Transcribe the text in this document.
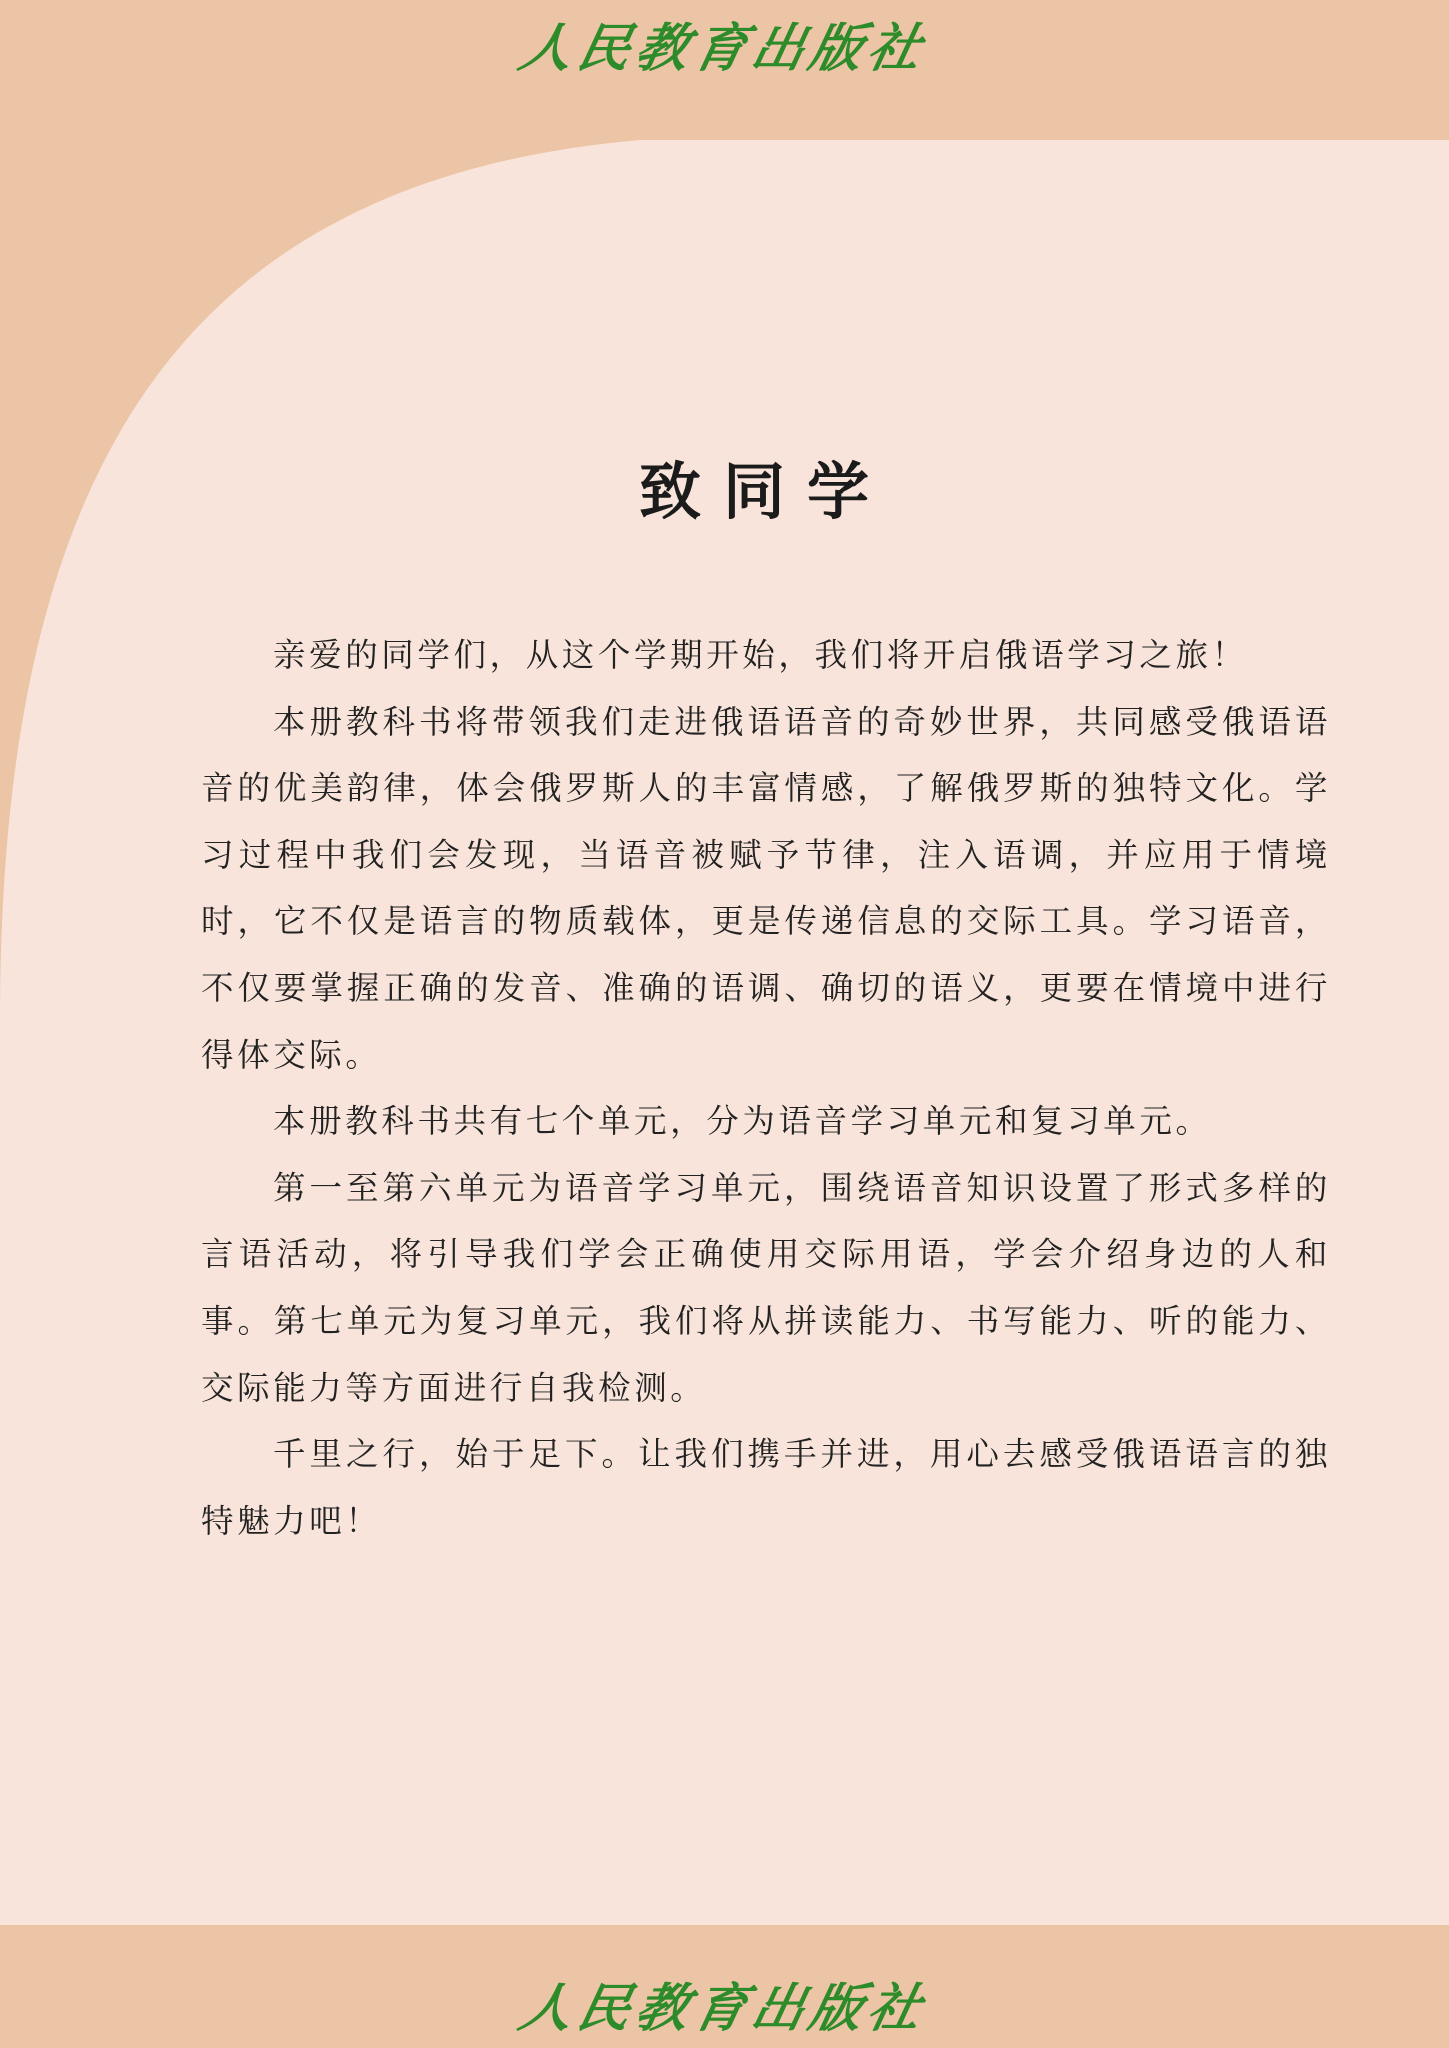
人民教育出版社
致同学

亲爱的同学们，从这个学期开始，我们将开启俄语学习之旅！

本册教科书将带领我们走进俄语语音的奇妙世界，共同感受俄语语音的优美韵律，体会俄罗斯人的丰富情感，了解俄罗斯的独特文化。学习过程中我们会发现，当语音被赋予节律，注入语调，并应用于情境时，它不仅是语言的物质载体，更是传递信息的交际工具。学习语音，不仅要掌握正确的发音、准确的语调、确切的语义，更要在情境中进行得体交际。

本册教科书共有七个单元，分为语音学习单元和复习单元。

第一至第六单元为语音学习单元，围绕语音知识设置了形式多样的言语活动，将引导我们学会正确使用交际用语，学会介绍身边的人和事。第七单元为复习单元，我们将从拼读能力、书写能力、听的能力、交际能力等方面进行自我检测。

千里之行，始于足下。让我们携手并进，用心去感受俄语语言的独特魅力吧！

人民教育出版社
